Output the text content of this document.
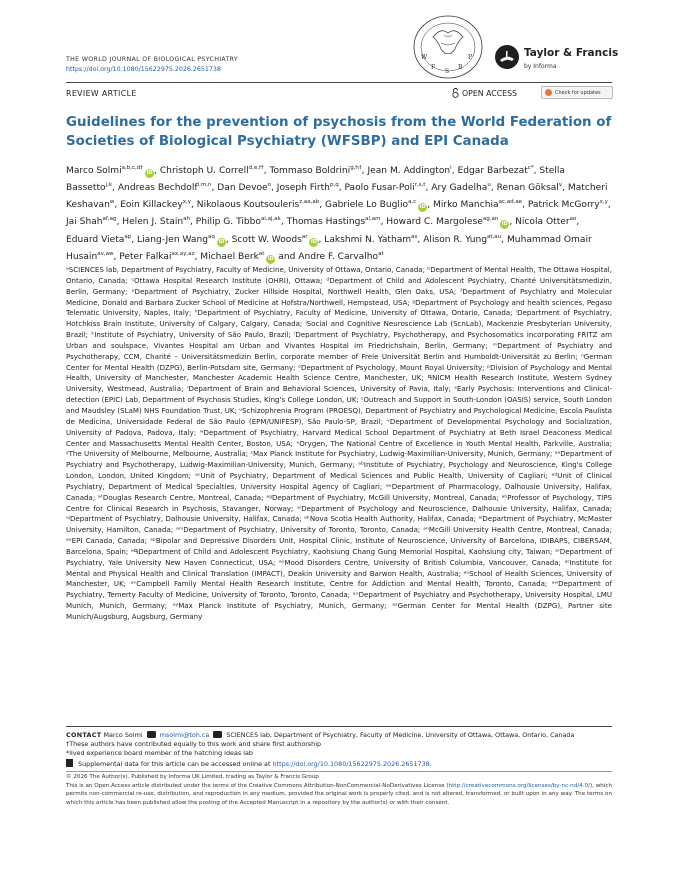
THE WORLD JOURNAL OF BIOLOGICAL PSYCHIATRY
https://doi.org/10.1080/15622975.2026.2651738
W
F
S
B
P	Taylor & Francis
by Informa
REVIEW ARTICLE	OPEN ACCESS	Check for updates
Guidelines for the prevention of psychosis from the World Federation of Societies of Biological Psychiatry (WFSBP) and EPI Canada
Marco Solmi$^{a,b,c,d\dagger}$iD , Christoph U. Correll$^{d,e,f\dagger}$, Tommaso Boldrini$^{g,h\dagger}$, Jean M. Addington$^i$, Edgar Barbezat$^{c*}$, Stella Bassetto$^{j,k}$, Andreas Bechdolf$^{l,m,n}$, Dan Devoe$^o$, Joseph Firth$^{p,q}$, Paolo Fusar-Poli$^{r,s,t}$, Ary Gadelha$^u$, Renan Göksal$^v$, Matcheri Keshavan$^w$, Eoin Killackey$^{x,y}$, Nikolaous Koutsouleris$^{z,aa,ab}$, Gabriele Lo Buglio$^{a,c}$iD , Mirko Manchia$^{ac,ad,ae}$, Patrick McGorry$^{x,y}$, Jai Shah$^{af,ag}$, Helen J. Stain$^{ah}$, Philip G. Tibbo$^{ai,aj,ak}$, Thomas Hastings$^{al,am}$, Howard C. Margolese$^{ag,an}$iD , Nicola Otter$^{ao}$, Eduard Vieta$^{ap}$, Liang-Jen Wang$^{aq}$iD , Scott W. Woods$^{ar}$iD , Lakshmi N. Yatham$^{as}$, Alison R. Yung$^{at,au}$, Muhammad Omair Husain$^{av,aw}$, Peter Falkai$^{ax,ay,az}$, Michael Berk$^{at}$iD and Andre F. Carvalho$^{at}$
ᵃSCIENCES lab, Department of Psychiatry, Faculty of Medicine, University of Ottawa, Ontario, Canada; ᵇDepartment of Mental Health, The Ottawa Hospital, Ontario, Canada; ᶜOttawa Hospital Research Institute (OHRI), Ottawa; ᵈDepartment of Child and Adolescent Psychiatry, Charité Universitätsmedizin, Berlin, Germany; ᵉDepartment of Psychiatry, Zucker Hillside Hospital, Northwell Health, Glen Oaks, USA; ᶠDepartment of Psychiatry and Molecular Medicine, Donald and Barbara Zucker School of Medicine at Hofstra/Northwell, Hempstead, USA; ᵍDepartment of Psychology and health sciences, Pegaso Telematic University, Naples, Italy; ʰDepartment of Psychiatry, Faculty of Medicine, University of Ottawa, Ontario, Canada; ⁱDepartment of Psychiatry, Hotchkiss Brain Institute, University of Calgary, Calgary, Canada; ʲSocial and Cognitive Neuroscience Lab (ScnLab), Mackenzie Presbyterian University, Brazil; ᵏInstitute of Psychiatry, University of São Paulo, Brazil; ˡDepartment of Psychiatry, Psychotherapy, and Psychosomatics incorporating FRITZ am Urban and soulspace, Vivantes Hospital am Urban and Vivantes Hospital im Friedrichshain, Berlin, Germany; ᵐDepartment of Psychiatry and Psychotherapy, CCM, Charité – Universitätsmedizin Berlin, corporate member of Freie Universität Berlin and Humboldt-Universität zu Berlin; ⁿGerman Center for Mental Health (DZPG), Berlin-Potsdam site, Germany; ᵒDepartment of Psychology, Mount Royal University; ᵖDivision of Psychology and Mental Health, University of Manchester, Manchester Academic Health Science Centre, Manchester, UK; ᑫNICM Health Research Institute, Western Sydney University, Westmead, Australia; ʳDepartment of Brain and Behavioral Sciences, University of Pavia, Italy; ˢEarly Psychosis: Interventions and Clinical-detection (EPIC) Lab, Department of Psychosis Studies, King's College London, UK; ᵗOutreach and Support in South-London (OASIS) service, South London and Maudsley (SLaM) NHS Foundation Trust, UK; ᵘSchizophrenia Program (PROESQ), Department of Psychiatry and Psychological Medicine, Escola Paulista de Medicina, Universidade Federal de São Paulo (EPM/UNIFESP), São Paulo-SP, Brazil; ᵛDepartment of Developmental Psychology and Socialization, University of Padova, Padova, Italy; ʷDepartment of Psychiatry, Harvard Medical School Department of Psychiatry at Beth Israel Deaconess Medical Center and Massachusetts Mental Health Center, Boston, USA; ˣOrygen, The National Centre of Excellence in Youth Mental Health, Parkville, Australia; ʸThe University of Melbourne, Melbourne, Australia; ᶻMax Planck Institute for Psychiatry, Ludwig-Maximilian-University, Munich, Germany; ᵃᵃDepartment of Psychiatry and Psychotherapy, Ludwig-Maximilian-University, Munich, Germany; ᵃᵇInstitute of Psychiatry, Psychology and Neuroscience, King's College London, London, United Kingdom; ᵃᶜUnit of Psychiatry, Department of Medical Sciences and Public Health, University of Cagliari; ᵃᵈUnit of Clinical Psychiatry, Department of Medical Specialties, University Hospital Agency of Cagliari; ᵃᵉDepartment of Pharmacology, Dalhousie University, Halifax, Canada; ᵃᶠDouglas Research Centre, Montreal, Canada; ᵃᵍDepartment of Psychiatry, McGill University, Montreal, Canada; ᵃʰProfessor of Psychology, TIPS Centre for Clinical Research in Psychosis, Stavanger, Norway; ᵃⁱDepartment of Psychology and Neuroscience, Dalhousie University, Halifax, Canada; ᵃʲDepartment of Psychiatry, Dalhousie University, Halifax, Canada; ᵃᵏNova Scotia Health Authority, Halifax, Canada; ᵃˡDepartment of Psychiatry, McMaster University, Hamilton, Canada; ᵃᵐDepartment of Psychiatry, University of Toronto, Toronto, Canada; ᵃⁿMcGill University Health Centre, Montreal, Canada; ᵃᵒEPI Canada, Canada; ᵃᵖBipolar and Depressive Disorders Unit, Hospital Clinic, Institute of Neuroscience, University of Barcelona, IDIBAPS, CIBERSAM, Barcelona, Spain; ᵃᑫDepartment of Child and Adolescent Psychiatry, Kaohsiung Chang Gung Memorial Hospital, Kaohsiung city, Taiwan; ᵃʳDepartment of Psychiatry, Yale University New Haven Connecticut, USA; ᵃˢMood Disorders Centre, University of British Columbia, Vancouver, Canada; ᵃᵗInstitute for Mental and Physical Health and Clinical Translation (IMPACT), Deakin University and Barwon Health, Australia; ᵃᵘSchool of Health Sciences, University of Manchester, UK; ᵃᵛCampbell Family Mental Health Research Institute, Centre for Addiction and Mental Health, Toronto, Canada; ᵃʷDepartment of Psychiatry, Temerty Faculty of Medicine, University of Toronto, Toronto, Canada; ᵃˣDepartment of Psychiatry and Psychotherapy, University Hospital, LMU Munich, Munich, Germany; ᵃʸMax Planck Institute of Psychiatry, Munich, Germany; ᵃᶻGerman Center for Mental Health (DZPG), Partner site Munich/Augsburg, Augsburg, Germany
CONTACT Marco Solmi	msolmi@toh.ca	SCIENCES lab, Department of Psychiatry, Faculty of Medicine, University of Ottawa, Ottawa, Ontario, Canada
†These authors have contributed equally to this work and share first authorship
*lived experience board member of the hatching ideas lab
Supplemental data for this article can be accessed online at https://doi.org/10.1080/15622975.2026.2651738.
© 2026 The Author(s). Published by Informa UK Limited, trading as Taylor & Francis Group
This is an Open Access article distributed under the terms of the Creative Commons Attribution-NonCommercial-NoDerivatives License (http://creativecommons.org/licenses/by-nc-nd/4.0/), which permits non-commercial re-use, distribution, and reproduction in any medium, provided the original work is properly cited, and is not altered, transformed, or built upon in any way. The terms on which this article has been published allow the posting of the Accepted Manuscript in a repository by the author(s) or with their consent.
